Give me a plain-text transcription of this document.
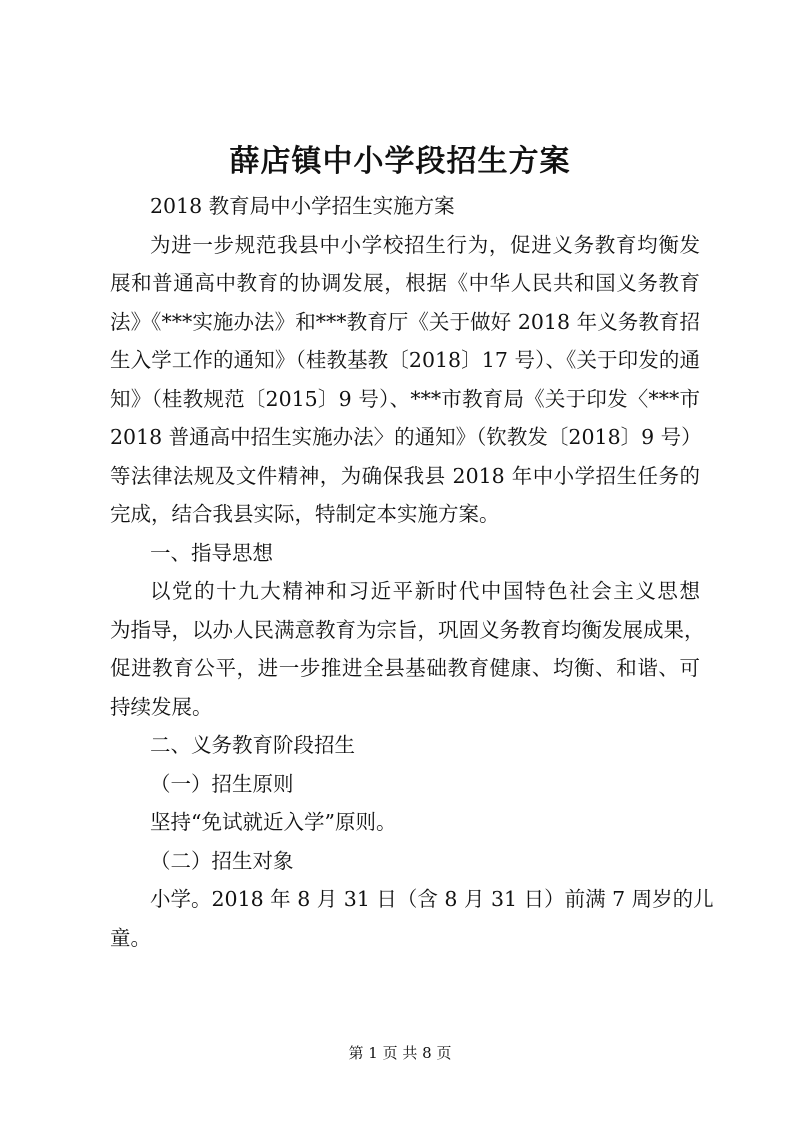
薛店镇中小学段招生方案
2018 教育局中小学招生实施方案
为进一步规范我县中小学校招生行为，促进义务教育均衡发
展和普通高中教育的协调发展，根据《中华人民共和国义务教育
法》《***实施办法》和***教育厅《关于做好 2018 年义务教育招
生入学工作的通知》（桂教基教〔2018〕17 号）、《关于印发的通
知》（桂教规范〔2015〕9 号）、***市教育局《关于印发〈***市
2018 普通高中招生实施办法〉的通知》（钦教发〔2018〕9 号）
等法律法规及文件精神，为确保我县 2018 年中小学招生任务的
完成，结合我县实际，特制定本实施方案。
一、指导思想
以党的十九大精神和习近平新时代中国特色社会主义思想
为指导，以办人民满意教育为宗旨，巩固义务教育均衡发展成果，
促进教育公平，进一步推进全县基础教育健康、均衡、和谐、可
持续发展。
二、义务教育阶段招生
（一）招生原则
坚持“免试就近入学”原则。
（二）招生对象
小学。2018 年 8 月 31 日（含 8 月 31 日）前满 7 周岁的儿
童。
第 1 页 共 8 页
